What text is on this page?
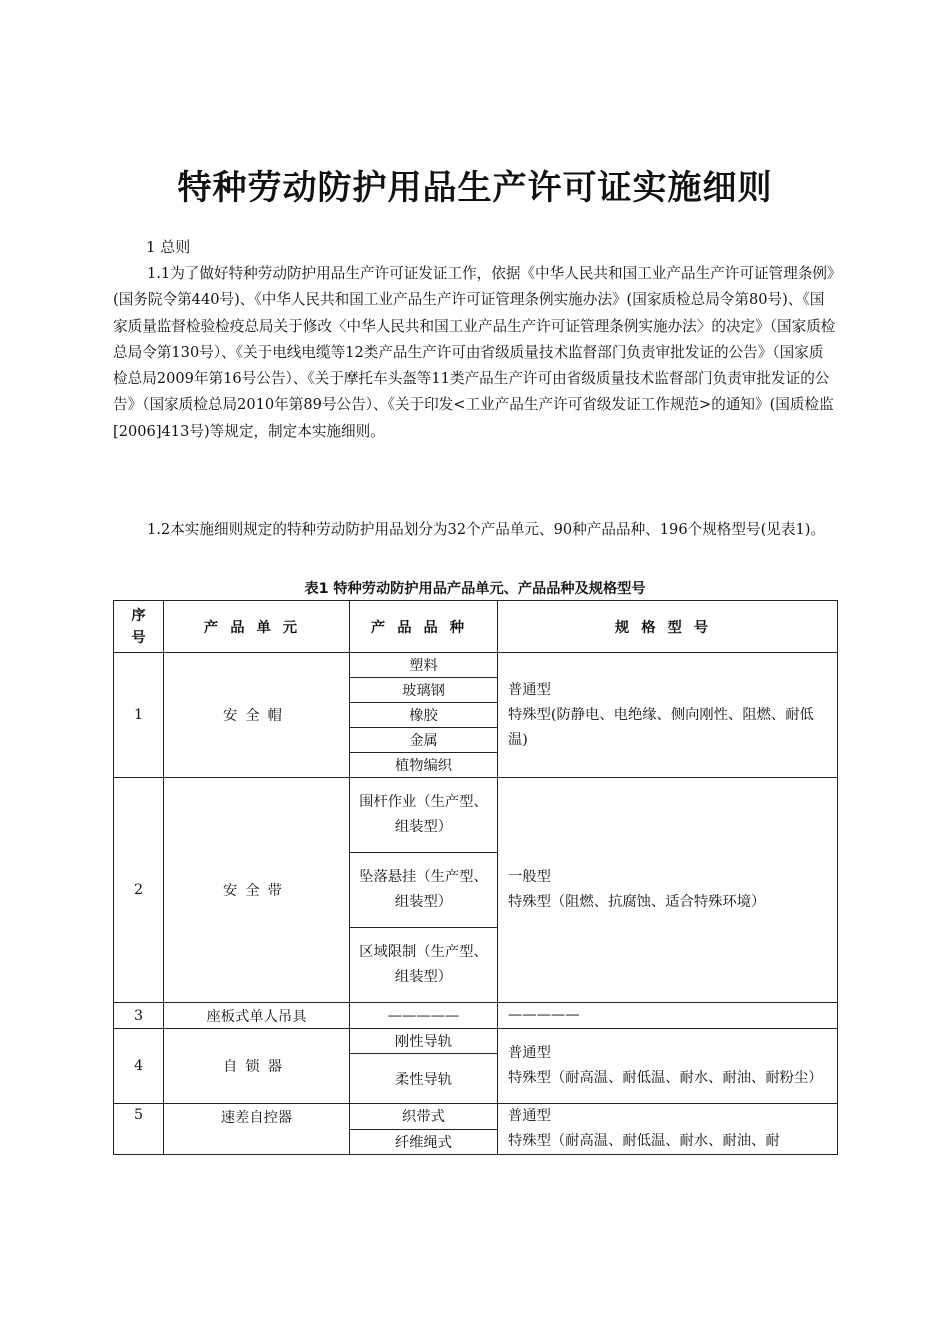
特种劳动防护用品生产许可证实施细则
1 总则
1.1为了做好特种劳动防护用品生产许可证发证工作，依据《中华人民共和国工业产品生产许可证管理条例》(国务院令第440号)、《中华人民共和国工业产品生产许可证管理条例实施办法》(国家质检总局令第80号)、《国家质量监督检验检疫总局关于修改〈中华人民共和国工业产品生产许可证管理条例实施办法〉的决定》（国家质检总局令第130号）、《关于电线电缆等12类产品生产许可由省级质量技术监督部门负责审批发证的公告》（国家质检总局2009年第16号公告）、《关于摩托车头盔等11类产品生产许可由省级质量技术监督部门负责审批发证的公告》（国家质检总局2010年第89号公告）、《关于印发<工业产品生产许可省级发证工作规范>的通知》(国质检监[2006]413号)等规定，制定本实施细则。
1.2本实施细则规定的特种劳动防护用品划分为32个产品单元、90种产品品种、196个规格型号(见表1)。
表1 特种劳动防护用品产品单元、产品品种及规格型号
序号	产品单元	产品品种	规格型号
1	安全帽	塑料	普通型
特殊型(防静电、电绝缘、侧向刚性、阻燃、耐低温)

		玻璃钢	
		橡胶	
		金属	
		植物编织	
2	安全带	围杆作业（生产型、组装型）	一般型
特殊型（阻燃、抗腐蚀、适合特殊环境）

		坠落悬挂（生产型、组装型）	
		区域限制（生产型、组装型）	
3	座板式单人吊具	—————	—————
4	自锁器	刚性导轨	普通型
特殊型（耐高温、耐低温、耐水、耐油、耐粉尘）

		柔性导轨	
5	速差自控器	织带式	普通型
特殊型（耐高温、耐低温、耐水、耐油、耐

		纤维绳式	
